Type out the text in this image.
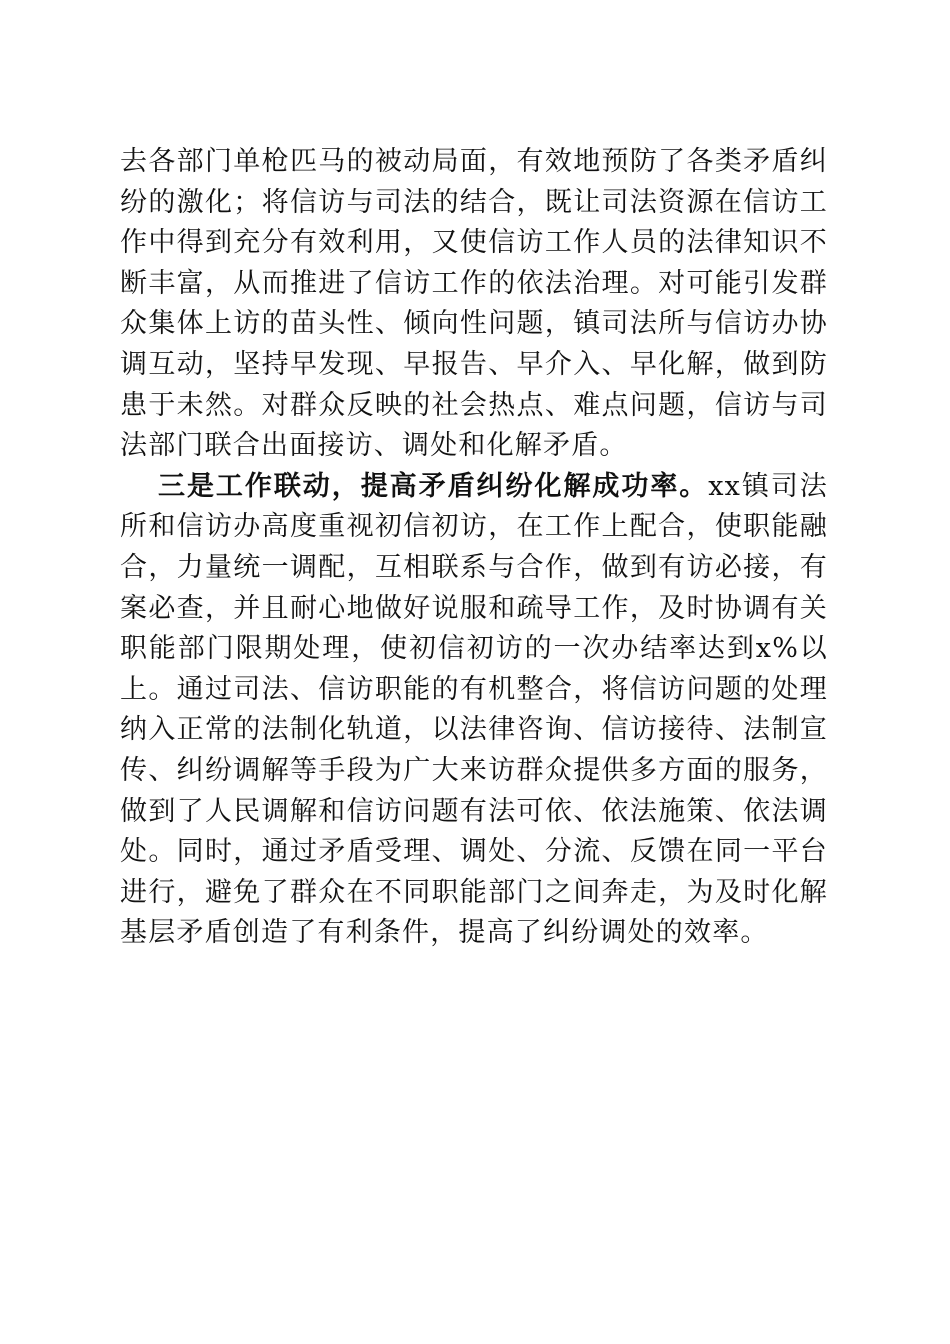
去各部门单枪匹马的被动局面，有效地预防了各类矛盾纠纷的激化；将信访与司法的结合，既让司法资源在信访工作中得到充分有效利用，又使信访工作人员的法律知识不断丰富，从而推进了信访工作的依法治理。对可能引发群众集体上访的苗头性、倾向性问题，镇司法所与信访办协调互动，坚持早发现、早报告、早介入、早化解，做到防患于未然。对群众反映的社会热点、难点问题，信访与司法部门联合出面接访、调处和化解矛盾。

三是工作联动，提高矛盾纠纷化解成功率。xx镇司法所和信访办高度重视初信初访，在工作上配合，使职能融合，力量统一调配，互相联系与合作，做到有访必接，有案必查，并且耐心地做好说服和疏导工作，及时协调有关职能部门限期处理，使初信初访的一次办结率达到x%以上。通过司法、信访职能的有机整合，将信访问题的处理纳入正常的法制化轨道，以法律咨询、信访接待、法制宣传、纠纷调解等手段为广大来访群众提供多方面的服务，做到了人民调解和信访问题有法可依、依法施策、依法调处。同时，通过矛盾受理、调处、分流、反馈在同一平台进行，避免了群众在不同职能部门之间奔走，为及时化解基层矛盾创造了有利条件，提高了纠纷调处的效率。
